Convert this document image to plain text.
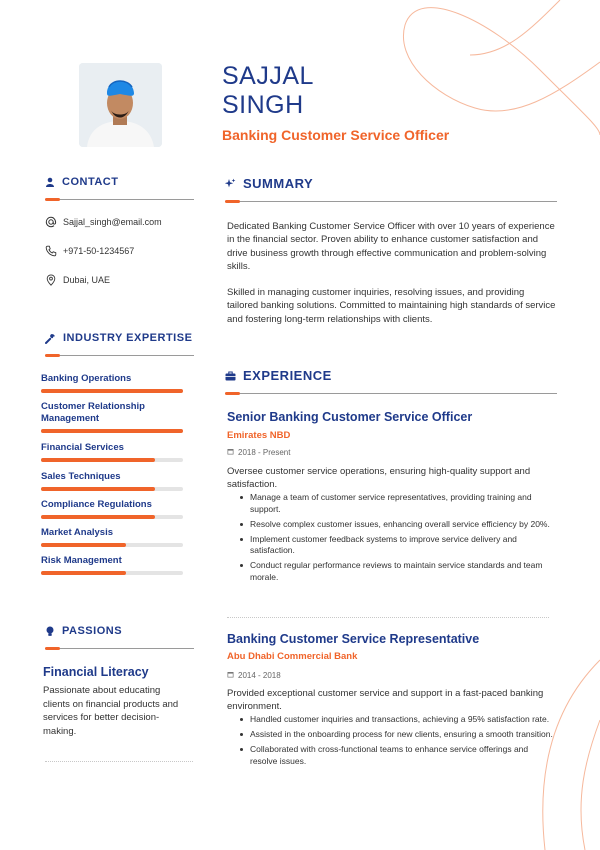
SAJJAL
SINGH
Banking Customer Service Officer
CONTACT
Sajjal_singh@email.com
+971-50-1234567
Dubai, UAE
INDUSTRY EXPERTISE
Banking Operations
Customer Relationship Management
Financial Services
Sales Techniques
Compliance Regulations
Market Analysis
Risk Management
PASSIONS
Financial Literacy
Passionate about educating clients on financial products and services for better decision-making.
SUMMARY
Dedicated Banking Customer Service Officer with over 10 years of experience in the financial sector. Proven ability to enhance customer satisfaction and drive business growth through effective communication and problem-solving skills.
Skilled in managing customer inquiries, resolving issues, and providing tailored banking solutions. Committed to maintaining high standards of service and fostering long-term relationships with clients.
EXPERIENCE
Senior Banking Customer Service Officer
Emirates NBD
2018 - Present
Oversee customer service operations, ensuring high-quality support and satisfaction.
Manage a team of customer service representatives, providing training and support.
Resolve complex customer issues, enhancing overall service efficiency by 20%.
Implement customer feedback systems to improve service delivery and satisfaction.
Conduct regular performance reviews to maintain service standards and team morale.
Banking Customer Service Representative
Abu Dhabi Commercial Bank
2014 - 2018
Provided exceptional customer service and support in a fast-paced banking environment.
Handled customer inquiries and transactions, achieving a 95% satisfaction rate.
Assisted in the onboarding process for new clients, ensuring a smooth transition.
Collaborated with cross-functional teams to enhance service offerings and resolve issues.
